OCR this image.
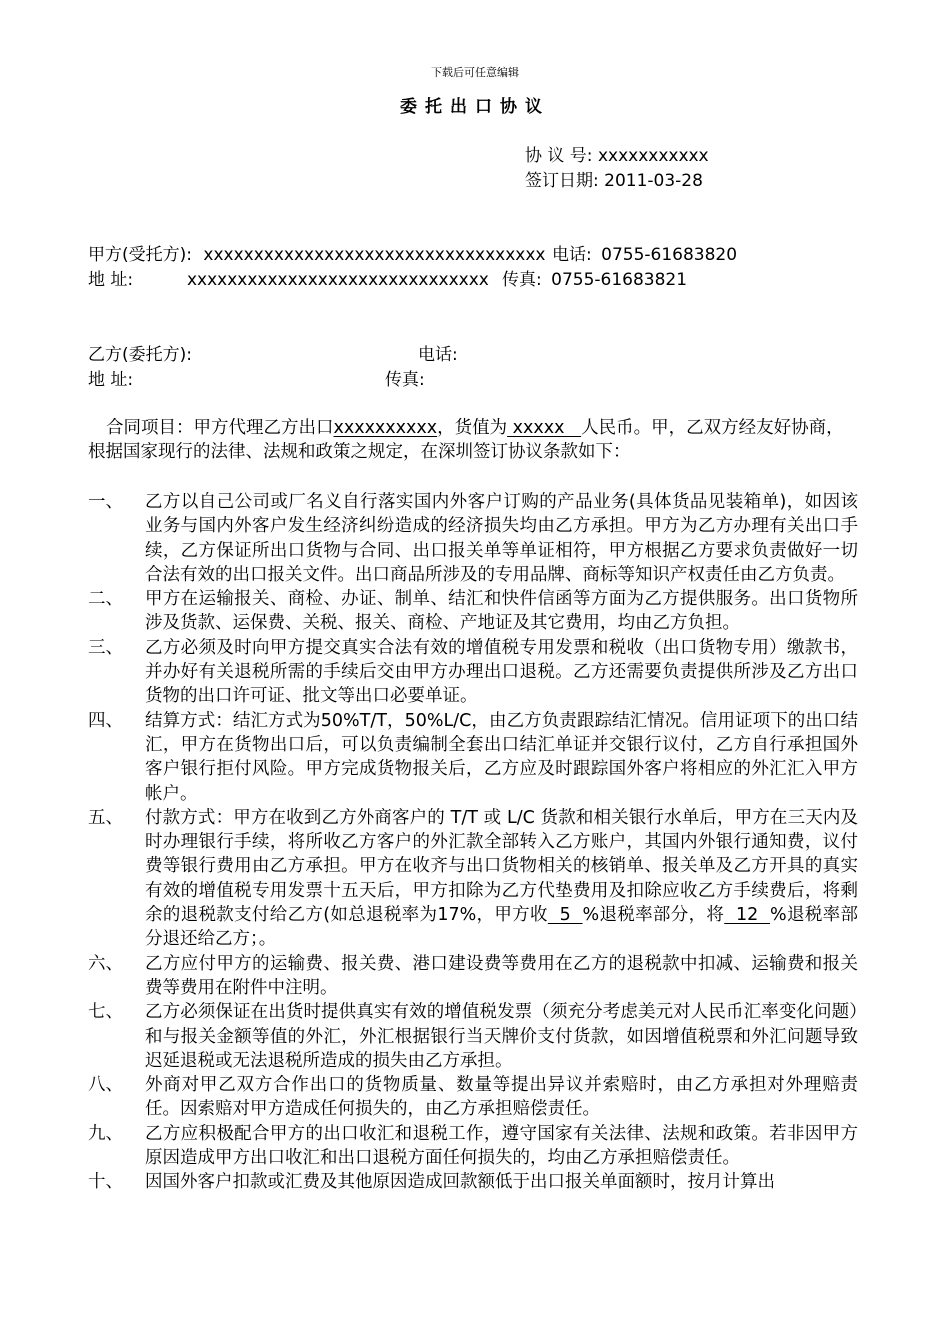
下载后可任意编辑
委托出口协议
协 议 号: xxxxxxxxxxx
签订日期: 2011-03-28
甲方(受托方): xxxxxxxxxxxxxxxxxxxxxxxxxxxxxxxxxx 电话: 0755-61683820
地 址:	xxxxxxxxxxxxxxxxxxxxxxxxxxxxxx 传真: 0755-61683821
乙方(委托方):	电话:
地 址:	传真:
合同项目：甲方代理乙方出口xxxxxxxxxx，货值为 xxxxx   人民币。甲，乙双方经友好协商，根据国家现行的法律、法规和政策之规定，在深圳签订协议条款如下：
一、 乙方以自己公司或厂名义自行落实国内外客户订购的产品业务(具体货品见装箱单)，如因该业务与国内外客户发生经济纠纷造成的经济损失均由乙方承担。甲方为乙方办理有关出口手续，乙方保证所出口货物与合同、出口报关单等单证相符，甲方根据乙方要求负责做好一切合法有效的出口报关文件。出口商品所涉及的专用品牌、商标等知识产权责任由乙方负责。
二、 甲方在运输报关、商检、办证、制单、结汇和快件信函等方面为乙方提供服务。出口货物所涉及货款、运保费、关税、报关、商检、产地证及其它费用，均由乙方负担。
三、 乙方必须及时向甲方提交真实合法有效的增值税专用发票和税收（出口货物专用）缴款书，并办好有关退税所需的手续后交由甲方办理出口退税。乙方还需要负责提供所涉及乙方出口货物的出口许可证、批文等出口必要单证。
四、 结算方式：结汇方式为50%T/T，50%L/C，由乙方负责跟踪结汇情况。信用证项下的出口结汇，甲方在货物出口后，可以负责编制全套出口结汇单证并交银行议付，乙方自行承担国外客户银行拒付风险。甲方完成货物报关后，乙方应及时跟踪国外客户将相应的外汇汇入甲方帐户。
五、 付款方式：甲方在收到乙方外商客户的 T/T 或 L/C 货款和相关银行水单后，甲方在三天内及时办理银行手续，将所收乙方客户的外汇款全部转入乙方账户，其国内外银行通知费，议付费等银行费用由乙方承担。甲方在收齐与出口货物相关的核销单、报关单及乙方开具的真实有效的增值税专用发票十五天后，甲方扣除为乙方代垫费用及扣除应收乙方手续费后，将剩余的退税款支付给乙方(如总退税率为17%，甲方收  5  %退税率部分，将  12  %退税率部分退还给乙方；。
六、 乙方应付甲方的运输费、报关费、港口建设费等费用在乙方的退税款中扣减、运输费和报关费等费用在附件中注明。
七、 乙方必须保证在出货时提供真实有效的增值税发票（须充分考虑美元对人民币汇率变化问题）和与报关金额等值的外汇，外汇根据银行当天牌价支付货款，如因增值税票和外汇问题导致迟延退税或无法退税所造成的损失由乙方承担。
八、 外商对甲乙双方合作出口的货物质量、数量等提出异议并索赔时，由乙方承担对外理赔责任。因索赔对甲方造成任何损失的，由乙方承担赔偿责任。
九、 乙方应积极配合甲方的出口收汇和退税工作，遵守国家有关法律、法规和政策。若非因甲方原因造成甲方出口收汇和出口退税方面任何损失的，均由乙方承担赔偿责任。
十、 因国外客户扣款或汇费及其他原因造成回款额低于出口报关单面额时，按月计算出
